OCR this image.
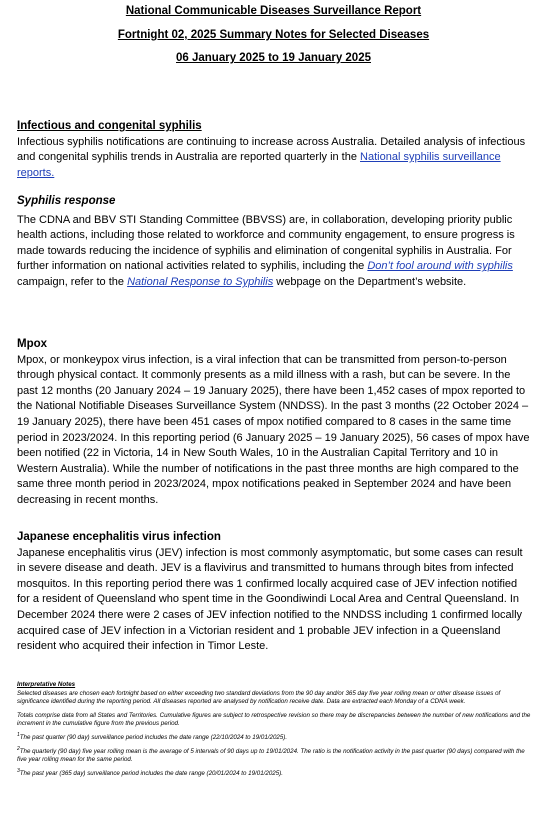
National Communicable Diseases Surveillance Report
Fortnight 02, 2025 Summary Notes for Selected Diseases
06 January 2025 to 19 January 2025
Infectious and congenital syphilis
Infectious syphilis notifications are continuing to increase across Australia. Detailed analysis of infectious and congenital syphilis trends in Australia are reported quarterly in the National syphilis surveillance reports.
Syphilis response
The CDNA and BBV STI Standing Committee (BBVSS) are, in collaboration, developing priority public health actions, including those related to workforce and community engagement, to ensure progress is made towards reducing the incidence of syphilis and elimination of congenital syphilis in Australia. For further information on national activities related to syphilis, including the Don’t fool around with syphilis campaign, refer to the National Response to Syphilis webpage on the Department’s website.
Mpox
Mpox, or monkeypox virus infection, is a viral infection that can be transmitted from person-to-person through physical contact. It commonly presents as a mild illness with a rash, but can be severe. In the past 12 months (20 January 2024 – 19 January 2025), there have been 1,452 cases of mpox reported to the National Notifiable Diseases Surveillance System (NNDSS). In the past 3 months (22 October 2024 – 19 January 2025), there have been 451 cases of mpox notified compared to 8 cases in the same time period in 2023/2024. In this reporting period (6 January 2025 – 19 January 2025), 56 cases of mpox have been notified (22 in Victoria, 14 in New South Wales, 10 in the Australian Capital Territory and 10 in Western Australia). While the number of notifications in the past three months are high compared to the same three month period in 2023/2024, mpox notifications peaked in September 2024 and have been decreasing in recent months.
Japanese encephalitis virus infection
Japanese encephalitis virus (JEV) infection is most commonly asymptomatic, but some cases can result in severe disease and death. JEV is a flavivirus and transmitted to humans through bites from infected mosquitos. In this reporting period there was 1 confirmed locally acquired case of JEV infection notified for a resident of Queensland who spent time in the Goondiwindi Local Area and Central Queensland. In December 2024 there were 2 cases of JEV infection notified to the NNDSS including 1 confirmed locally acquired case of JEV infection in a Victorian resident and 1 probable JEV infection in a Queensland resident who acquired their infection in Timor Leste.

Interpretative Notes

Selected diseases are chosen each fortnight based on either exceeding two standard deviations from the 90 day and/or 365 day five year rolling mean or other disease issues of significance identified during the reporting period. All diseases reported are analysed by notification receive date. Data are extracted each Monday of a CDNA week.

Totals comprise data from all States and Territories. Cumulative figures are subject to retrospective revision so there may be discrepancies between the number of new notifications and the increment in the cumulative figure from the previous period.

$^1$The past quarter (90 day) surveillance period includes the date range (22/10/2024 to 19/01/2025).

$^2$The quarterly (90 day) five year rolling mean is the average of 5 intervals of 90 days up to 19/01/2024. The ratio is the notification activity in the past quarter (90 days) compared with the five year rolling mean for the same period.

$^3$The past year (365 day) surveillance period includes the date range (20/01/2024 to 19/01/2025).
